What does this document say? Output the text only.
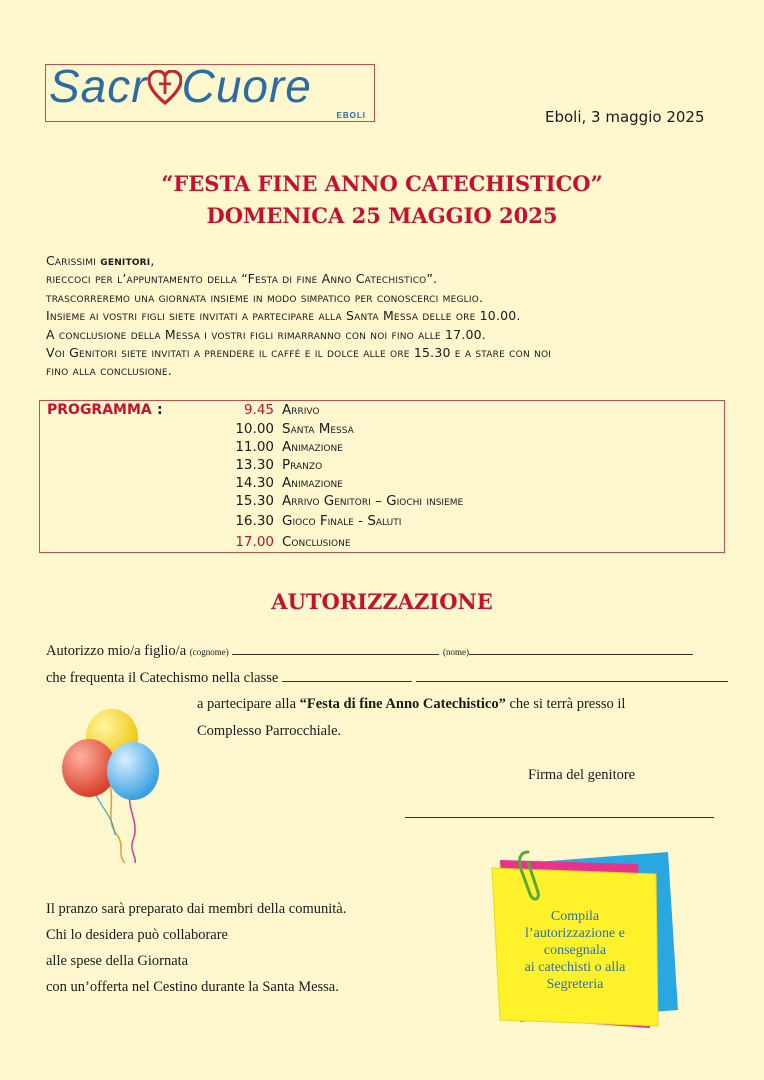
Sacr Cuore
EBOLI	Eboli, 3 maggio 2025
“FESTA FINE ANNO CATECHISTICO”
DOMENICA 25 MAGGIO 2025

Carissimi genitori,

rieccoci per l’appuntamento della “Festa di fine Anno Catechistico”.

trascorreremo una giornata insieme in modo simpatico per conoscerci meglio.

Insieme ai vostri figli siete invitati a partecipare alla Santa Messa delle ore 10.00.

A conclusione della Messa i vostri figli rimarranno con noi fino alle 17.00.

Voi Genitori siete invitati a prendere il caffè e il dolce alle ore 15.30 e a stare con noi

fino alla conclusione.

PROGRAMMA :	9.45 Arrivo
10.00 Santa Messa
11.00 Animazione
13.30 Pranzo
14.30 Animazione
15.30 Arrivo Genitori – Giochi insieme
16.30 Gioco Finale - Saluti
17.00 Conclusione
AUTORIZZAZIONE
Autorizzo mio/a figlio/a (cognome)	(nome)
che frequenta il Catechismo nella classe
a partecipare alla “Festa di fine Anno Catechistico” che si terrà presso il
Complesso Parrocchiale.
Firma del genitore
Il pranzo sarà preparato dai membri della comunità.
Chi lo desidera può collaborare
alle spese della Giornata
con un’offerta nel Cestino durante la Santa Messa.
Compila
l’autorizzazione e
consegnala
ai catechisti o alla
Segreteria
